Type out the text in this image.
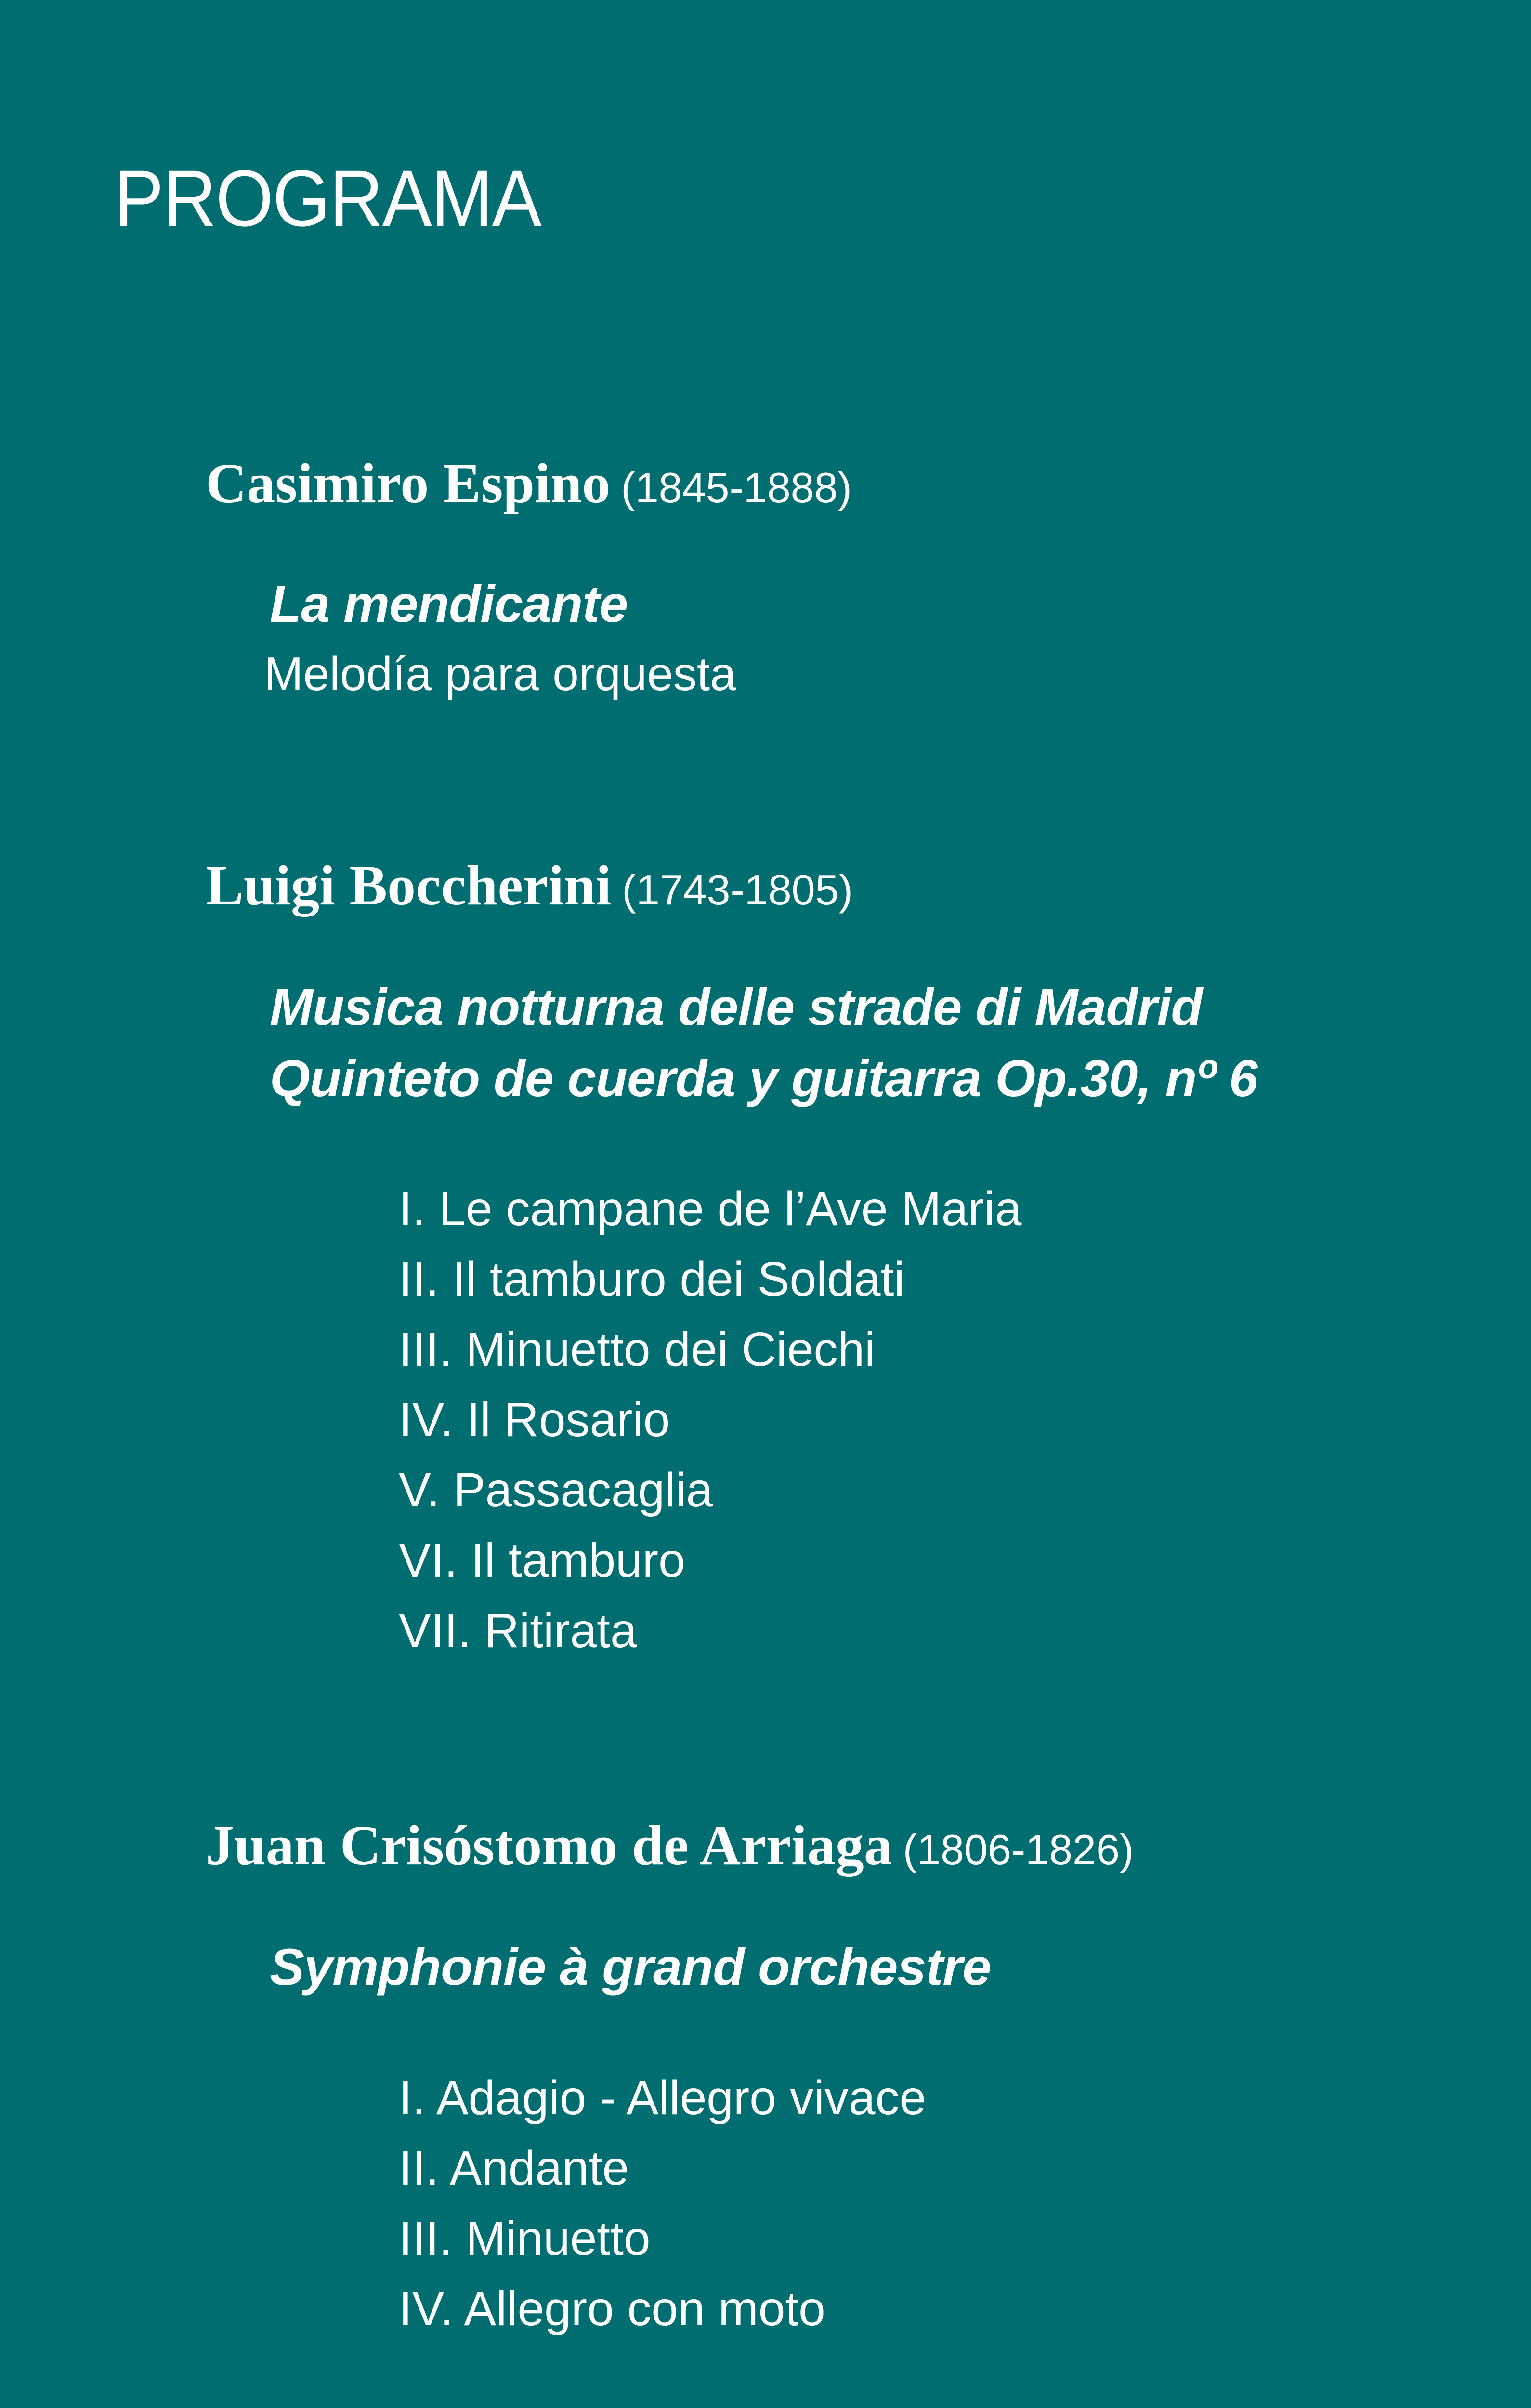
PROGRAMA
Casimiro Espino (1845-1888)
La mendicante
Melodía para orquesta
Luigi Boccherini (1743-1805)
Musica notturna delle strade di Madrid
Quinteto de cuerda y guitarra Op.30, nº 6
I. Le campane de l’Ave Maria
II. Il tamburo dei Soldati
III. Minuetto dei Ciechi
IV. Il Rosario
V. Passacaglia
VI. Il tamburo
VII. Ritirata
Juan Crisóstomo de Arriaga (1806-1826)
Symphonie à grand orchestre
I. Adagio - Allegro vivace
II. Andante
III. Minuetto
IV. Allegro con moto
